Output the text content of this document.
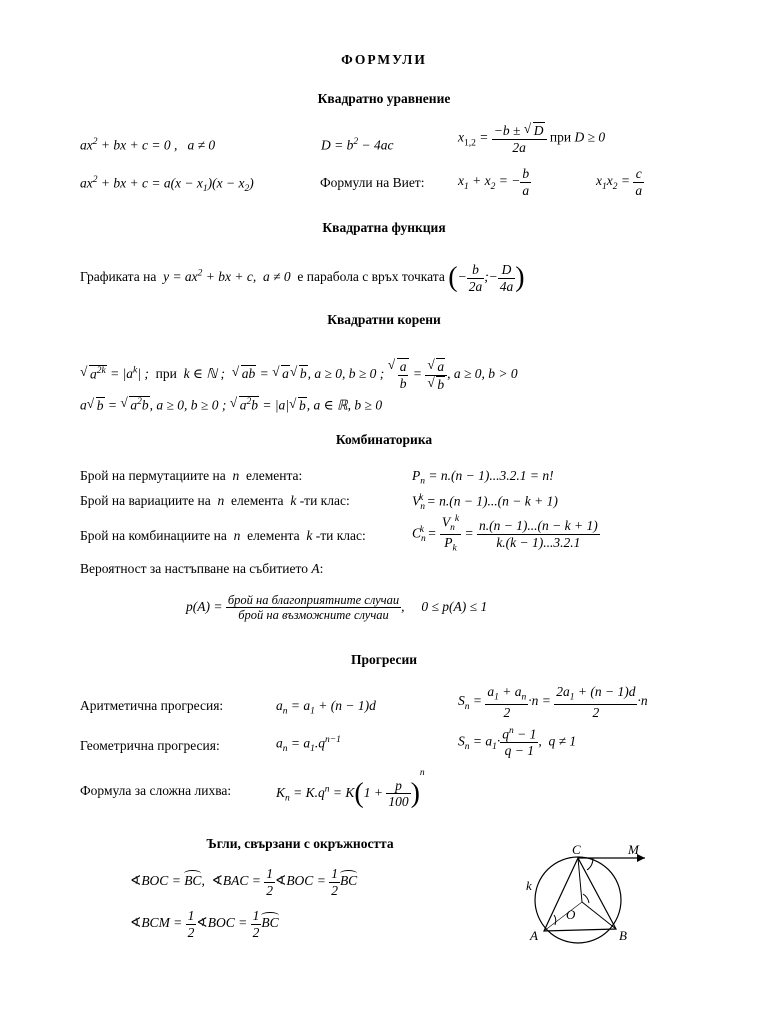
ФОРМУЛИ
Квадратно уравнение
$ax^2$ + bx + c = 0 ,   a ≠ 0	$D = b^2 - 4ac$
$x_{1,2} = \frac{-b \pm √ D}{2a}$ при D ≥ 0
$ax^2$ + bx + $c = a(x - x_1)(x - x_2)$	Формули на Виет: $x_1 + x_2$ = − $\frac{b}{a}$	$x_1x_2 = \frac{c}{a}$
Квадратна функция
Графиката на  $y = ax^2$ + bx + c,  a ≠ 0  е парабола с връх точката (− $\frac{b}{2a}$ ;− $\frac{D}{4a}$ )
Квадратни корени
√ $a^{2k} = |a^k|$ ;  при  k ∈ ℕ ;  √ ab = √ a√ b, a ≥ 0, b ≥ 0 ;
√ $\frac{a}{b}$ =
√ a
√ b , a ≥ 0, b > 0
a√ b = √ $a^2b$, a ≥ 0, b ≥ 0 ; √ $a^2b = |a|√$ b, a ∈ ℝ, b ≥ 0
Комбинаторика
Брой на пермутациите на  n  елемента:	$P_n = n.(n - 1)...3.2.1 = n$!
Брой на вариациите на  n  елемента  k -ти клас:	$V_n^k = n.(n - 1)...(n - k + 1)$
Брой на комбинациите на  n  елемента  k -ти клас:	$C_n^k = \frac{V_n^k}{P_k} = \frac{n.(n - 1)...(n - k + 1)}{k.(k - 1)...3.2.1}$
Вероятност за настъпване на събитието A:
$p(A) = \frac{\text{брой на благоприятните случаи}}{\text{брой на възможните случаи}}$ ,     0 ≤ p(A) ≤ 1
Прогресии
Аритметична прогресия:	$a_n = a_1 + (n - 1)d$	$S_n = \frac{a_1 + a_n}{2} \cdot n = \frac{2a_1 + (n - 1)d}{2} \cdot n$
Геометрична прогресия:	$a_n = a_1.q^{n-1}$	$S_n = a_1\cdot \frac{q^n - 1}{q - 1}$ ,  q ≠ 1
Формула за сложна лихва:	$K_n = K.q^n = K(1 + \frac{p}{100} )^n$
Ъгли, свързани с окръжността
∢BOC = BC,  ∢BAC = $\frac{1}{2}$ ∢BOC = $\frac{1}{2}$ BC
∢BCM = $\frac{1}{2}$ ∢BOC = $\frac{1}{2}$ BC
C	M
k
O
A	B
